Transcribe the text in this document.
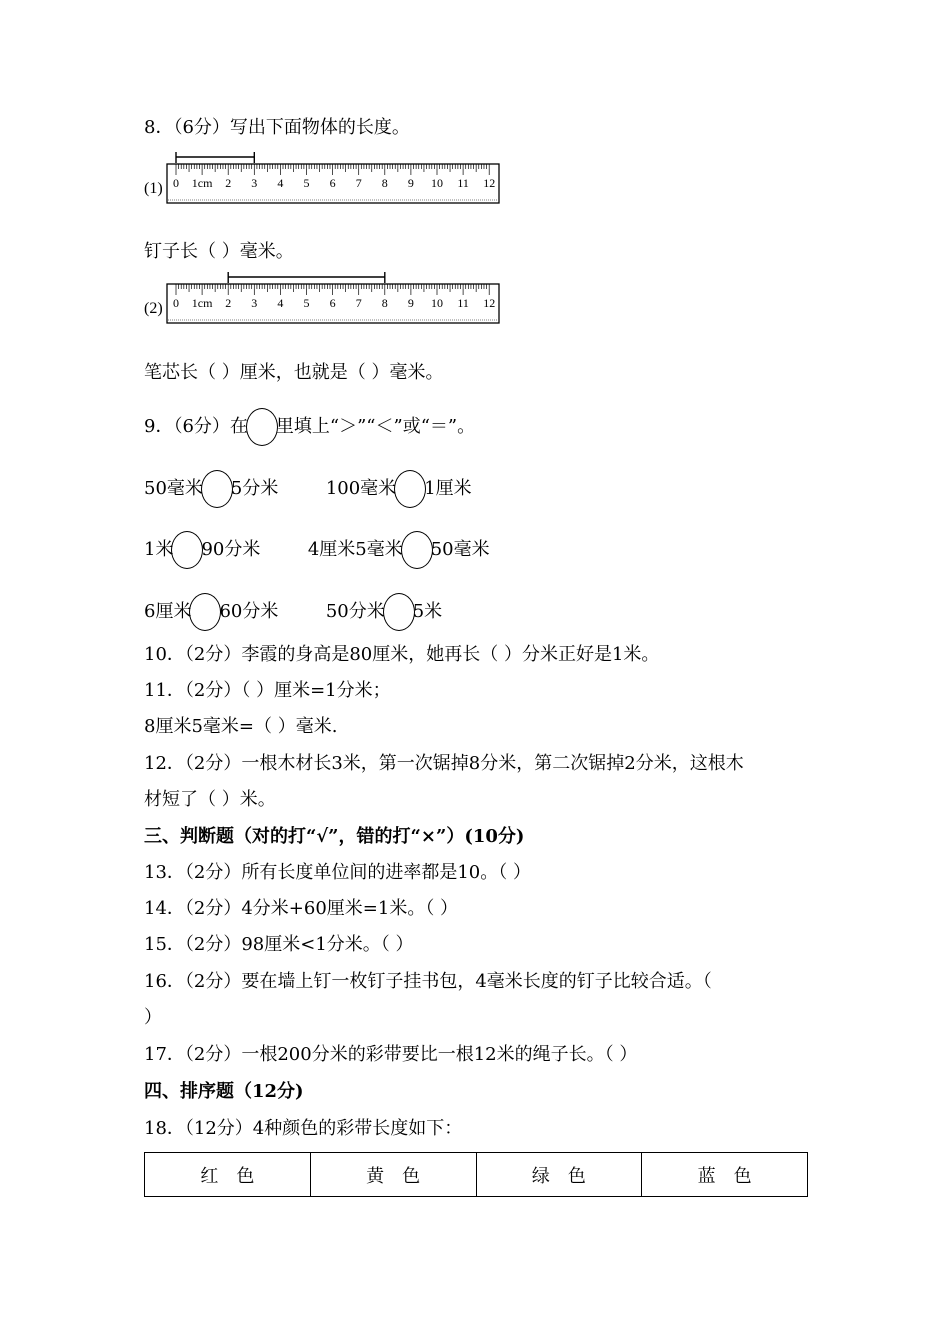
8．（6分）写出下面物体的长度。
(1) 0 1cm 2 3 4 5 6 7 8 9 10 11 12
钉子长（ ）毫米。
(2) 0 1cm 2 3 4 5 6 7 8 9 10 11 12
笔芯长（ ）厘米，也就是（ ）毫米。
9．（6分）在 里填上“＞”“＜”或“＝”。
50毫米 5分米	100毫米 1厘米
1米 90分米	4厘米5毫米 50毫米
6厘米 60分米	50分米 5米
10．（2分）李霞的身高是80厘米，她再长（ ）分米正好是1米。
11．（2分）（ ）厘米=1分米；
8厘米5毫米=（ ）毫米.
12．（2分）一根木材长3米，第一次锯掉8分米，第二次锯掉2分米，这根木
材短了（ ）米。
三、判断题（对的打“√”，错的打“×”）(10分)
13．（2分）所有长度单位间的进率都是10。（ ）
14．（2分）4分米+60厘米=1米。（ ）
15．（2分）98厘米<1分米。（ ）
16．（2分）要在墙上钉一枚钉子挂书包，4毫米长度的钉子比较合适。（
）
17．（2分）一根200分米的彩带要比一根12米的绳子长。（ ）
四、排序题（12分)
18．（12分）4种颜色的彩带长度如下：
红　色	黄　色	绿　色	蓝　色
